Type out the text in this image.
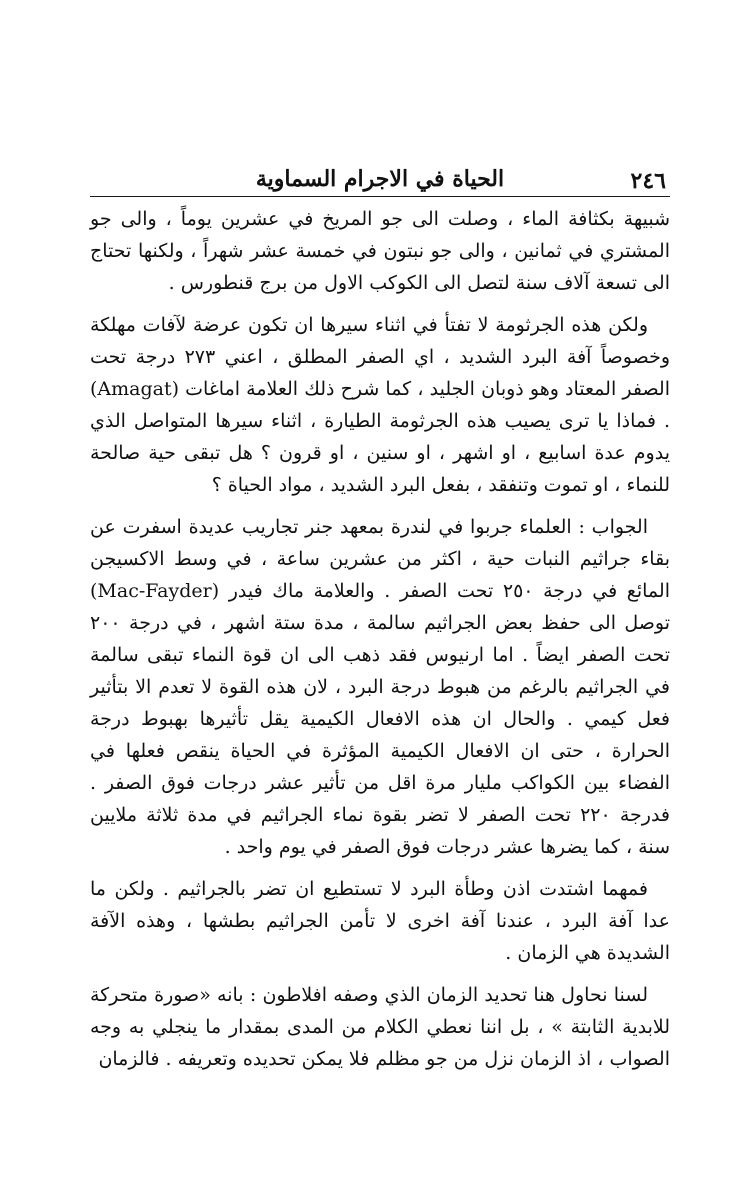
٢٤٦
الحياة في الاجرام السماوية

شبيهة بكثافة الماء ، وصلت الى جو المريخ في عشرين يوماً ، والى جو المشتري في ثمانين ، والى جو نبتون في خمسة عشر شهراً ، ولكنها تحتاج الى تسعة آلاف سنة لتصل الى الكوكب الاول من برج قنطورس .

ولكن هذه الجرثومة لا تفتأ في اثناء سيرها ان تكون عرضة لآفات مهلكة وخصوصاً آفة البرد الشديد ، اي الصفر المطلق ، اعني ٢٧٣ درجة تحت الصفر المعتاد وهو ذوبان الجليد ، كما شرح ذلك العلامة اماغات (Amagat) . فماذا يا ترى يصيب هذه الجرثومة الطيارة ، اثناء سيرها المتواصل الذي يدوم عدة اسابيع ، او اشهر ، او سنين ، او قرون ؟ هل تبقى حية صالحة للنماء ، او تموت وتنفقد ، بفعل البرد الشديد ، مواد الحياة ؟

الجواب : العلماء جربوا في لندرة بمعهد جنر تجاريب عديدة اسفرت عن بقاء جراثيم النبات حية ، اكثر من عشرين ساعة ، في وسط الاكسيجن المائع في درجة ٢٥٠ تحت الصفر . والعلامة ماك فيدر (Mac-Fayder) توصل الى حفظ بعض الجراثيم سالمة ، مدة ستة اشهر ، في درجة ٢٠٠ تحت الصفر ايضاً . اما ارنيوس فقد ذهب الى ان قوة النماء تبقى سالمة في الجراثيم بالرغم من هبوط درجة البرد ، لان هذه القوة لا تعدم الا بتأثير فعل كيمي . والحال ان هذه الافعال الكيمية يقل تأثيرها بهبوط درجة الحرارة ، حتى ان الافعال الكيمية المؤثرة في الحياة ينقص فعلها في الفضاء بين الكواكب مليار مرة اقل من تأثير عشر درجات فوق الصفر . فدرجة ٢٢٠ تحت الصفر لا تضر بقوة نماء الجراثيم في مدة ثلاثة ملايين سنة ، كما يضرها عشر درجات فوق الصفر في يوم واحد .

فمهما اشتدت اذن وطأة البرد لا تستطيع ان تضر بالجراثيم . ولكن ما عدا آفة البرد ، عندنا آفة اخرى لا تأمن الجراثيم بطشها ، وهذه الآفة الشديدة هي الزمان .

لسنا نحاول هنا تحديد الزمان الذي وصفه افلاطون : بانه «صورة متحركة للابدية الثابتة » ، بل اننا نعطي الكلام من المدى بمقدار ما ينجلي به وجه الصواب ، اذ الزمان نزل من جو مظلم فلا يمكن تحديده وتعريفه . فالزمان
